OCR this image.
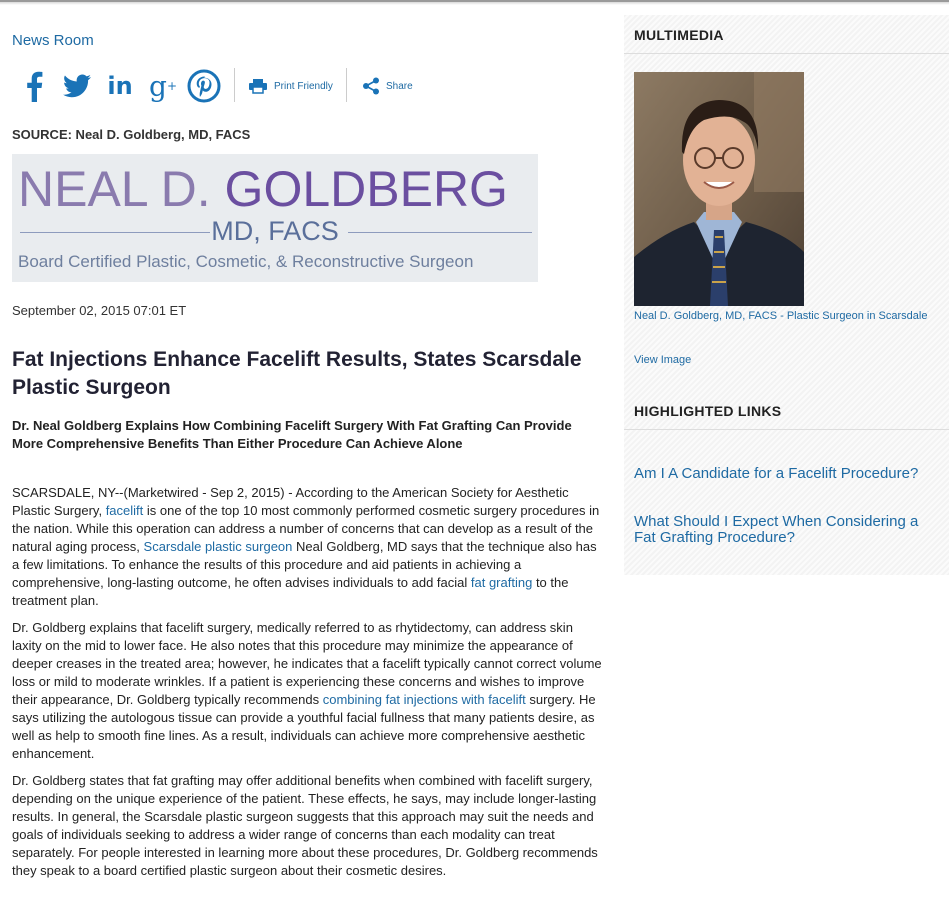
News Room
in g +	Print Friendly	Share
SOURCE: Neal D. Goldberg, MD, FACS
NEAL D. GOLDBERG
MD, FACS
Board Certified Plastic, Cosmetic, & Reconstructive Surgeon
September 02, 2015 07:01 ET
Fat Injections Enhance Facelift Results, States Scarsdale Plastic Surgeon
Dr. Neal Goldberg Explains How Combining Facelift Surgery With Fat Grafting Can Provide More Comprehensive Benefits Than Either Procedure Can Achieve Alone

SCARSDALE, NY--(Marketwired - Sep 2, 2015) - According to the American Society for Aesthetic Plastic Surgery, facelift is one of the top 10 most commonly performed cosmetic surgery procedures in the nation. While this operation can address a number of concerns that can develop as a result of the natural aging process, Scarsdale plastic surgeon Neal Goldberg, MD says that the technique also has a few limitations. To enhance the results of this procedure and aid patients in achieving a comprehensive, long-lasting outcome, he often advises individuals to add facial fat grafting to the treatment plan.

Dr. Goldberg explains that facelift surgery, medically referred to as rhytidectomy, can address skin laxity on the mid to lower face. He also notes that this procedure may minimize the appearance of deeper creases in the treated area; however, he indicates that a facelift typically cannot correct volume loss or mild to moderate wrinkles. If a patient is experiencing these concerns and wishes to improve their appearance, Dr. Goldberg typically recommends combining fat injections with facelift surgery. He says utilizing the autologous tissue can provide a youthful facial fullness that many patients desire, as well as help to smooth fine lines. As a result, individuals can achieve more comprehensive aesthetic enhancement.

Dr. Goldberg states that fat grafting may offer additional benefits when combined with facelift surgery, depending on the unique experience of the patient. These effects, he says, may include longer-lasting results. In general, the Scarsdale plastic surgeon suggests that this approach may suit the needs and goals of individuals seeking to address a wider range of concerns than each modality can treat separately. For people interested in learning more about these procedures, Dr. Goldberg recommends they speak to a board certified plastic surgeon about their cosmetic desires.

MULTIMEDIA
Neal D. Goldberg, MD, FACS - Plastic Surgeon in Scarsdale
View Image
HIGHLIGHTED LINKS
Am I A Candidate for a Facelift Procedure?
What Should I Expect When Considering a Fat Grafting Procedure?
